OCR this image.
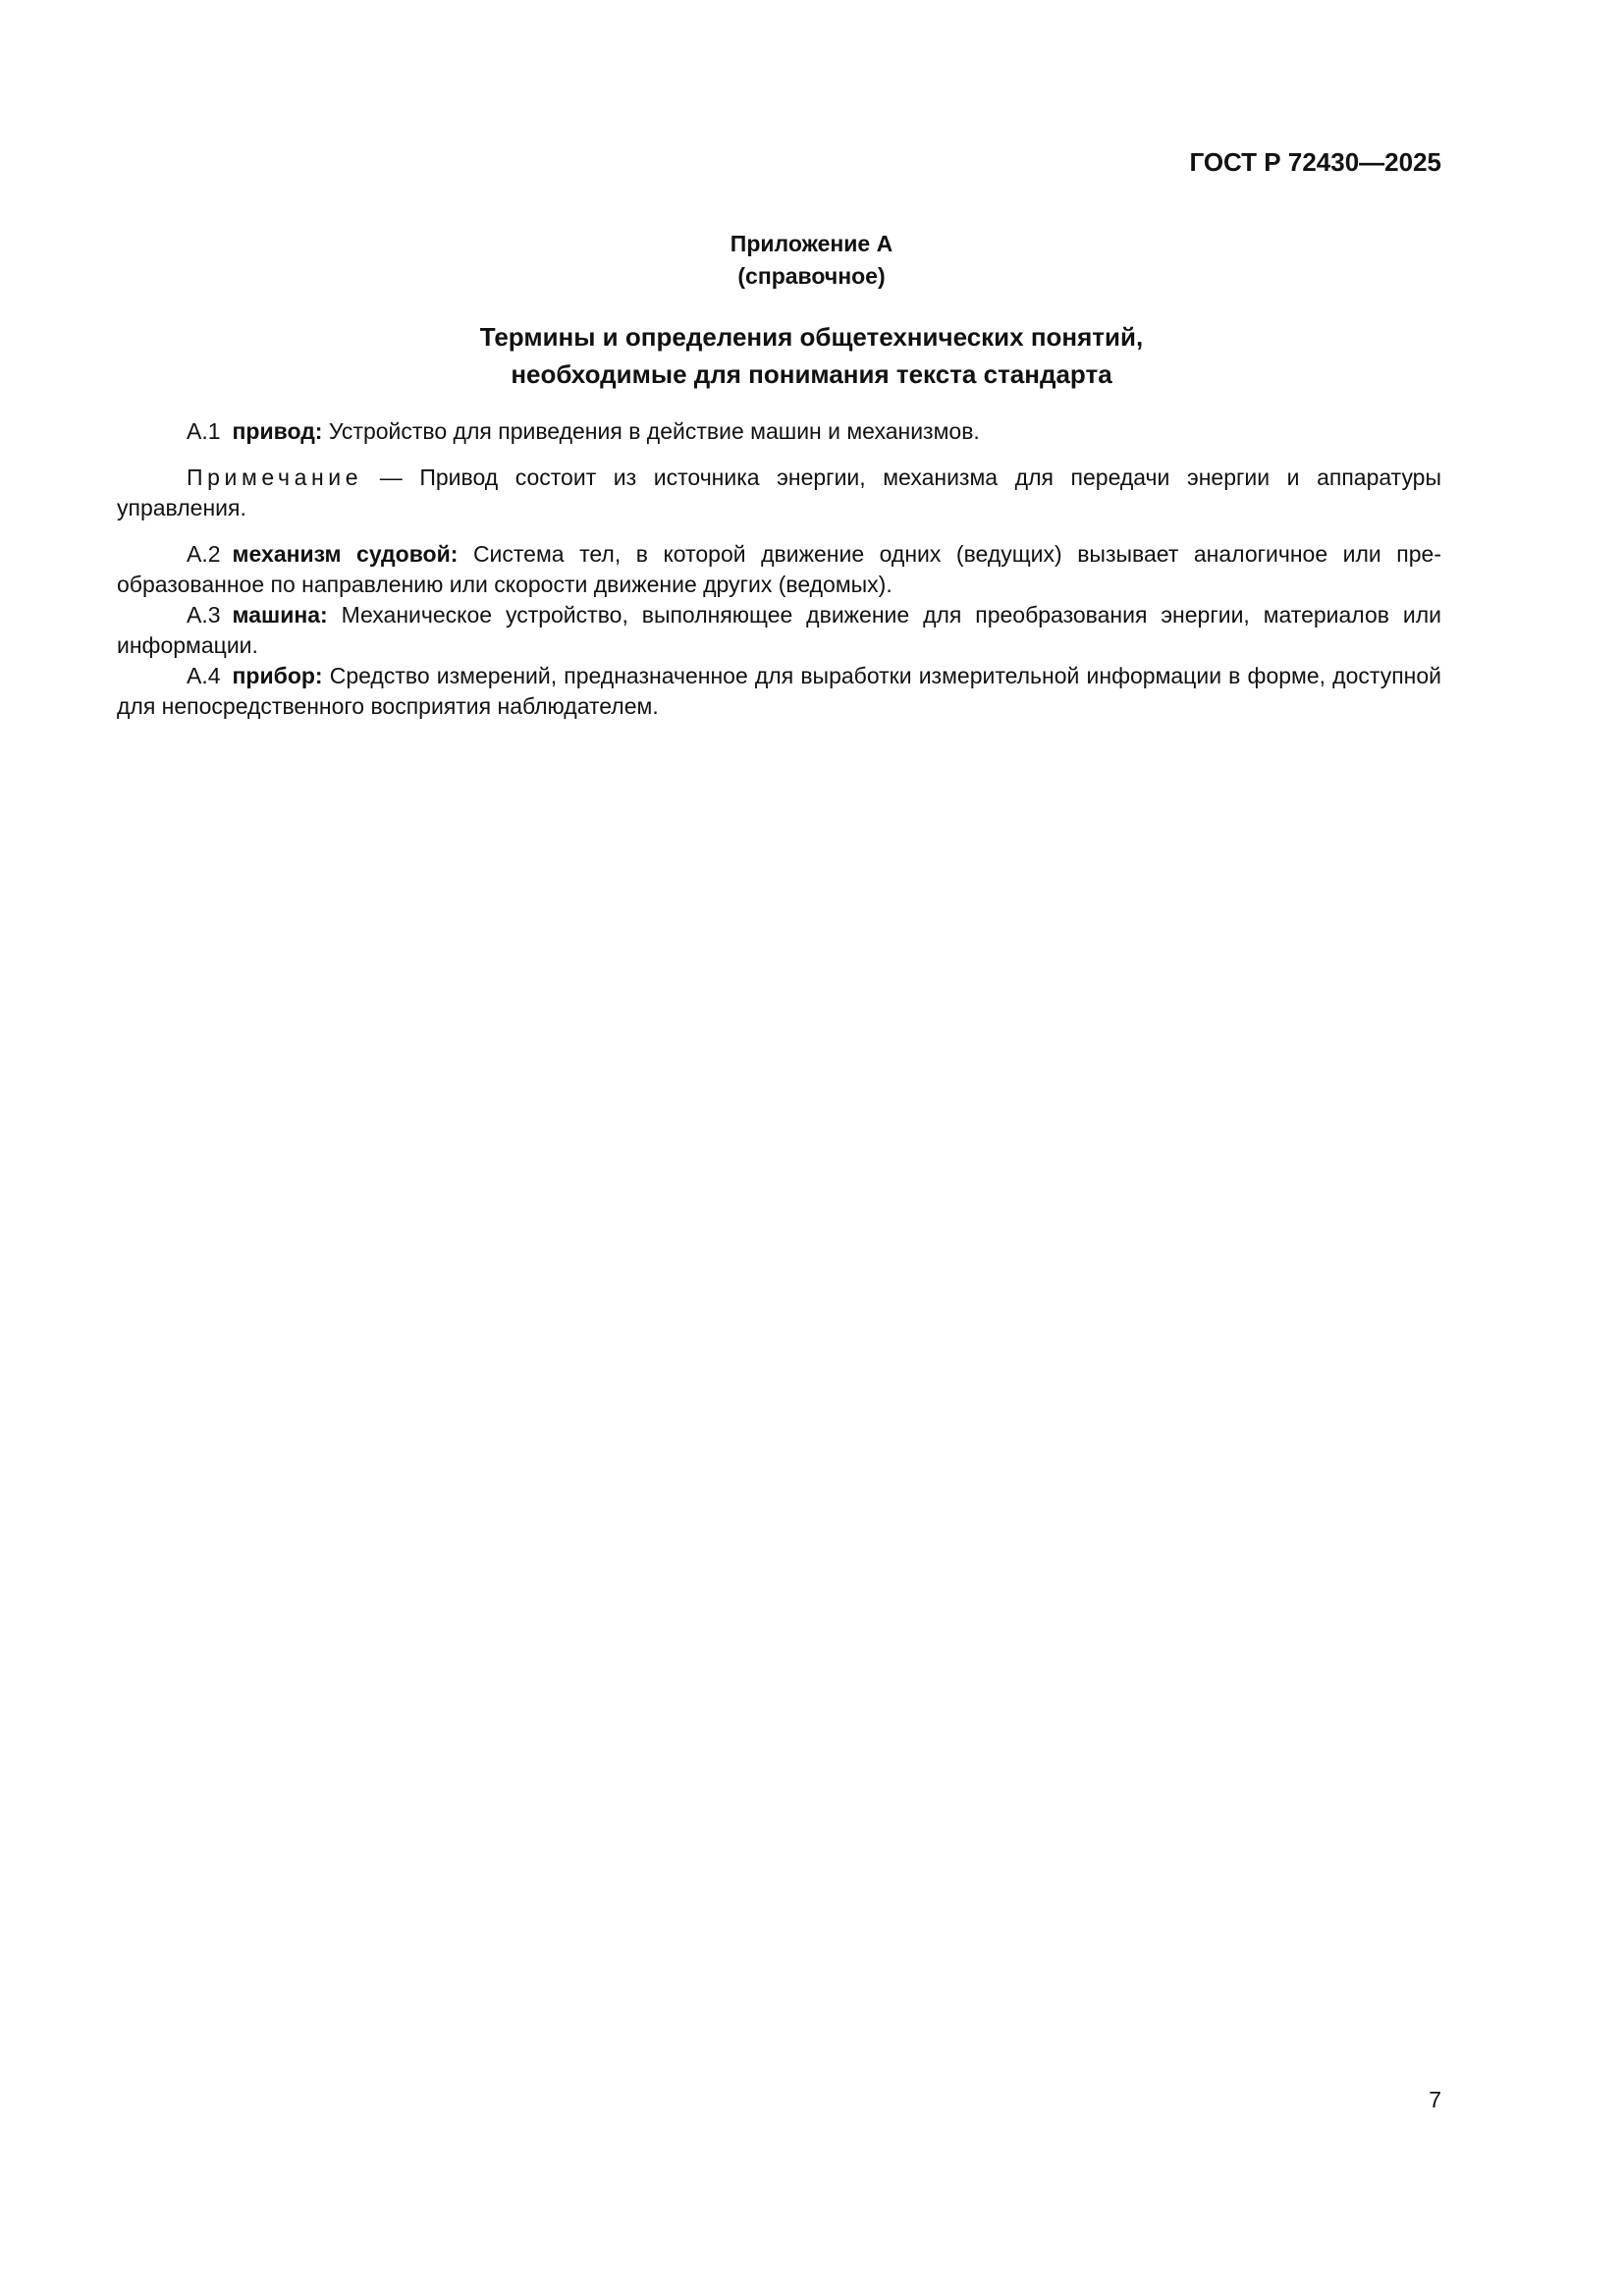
ГОСТ Р 72430—2025
Приложение А
(справочное)
Термины и определения общетехнических понятий,
необходимые для понимания текста стандарта

А.1 привод: Устройство для приведения в действие машин и механизмов.

Примечание — Привод состоит из источника энергии, механизма для передачи энергии и аппаратуры управления.

А.2 механизм судовой: Система тел, в которой движение одних (ведущих) вызывает аналогичное или пре-образованное по направлению или скорости движение других (ведомых).

А.3 машина: Механическое устройство, выполняющее движение для преобразования энергии, материалов или информации.

А.4 прибор: Средство измерений, предназначенное для выработки измерительной информации в форме, доступной для непосредственного восприятия наблюдателем.

7
